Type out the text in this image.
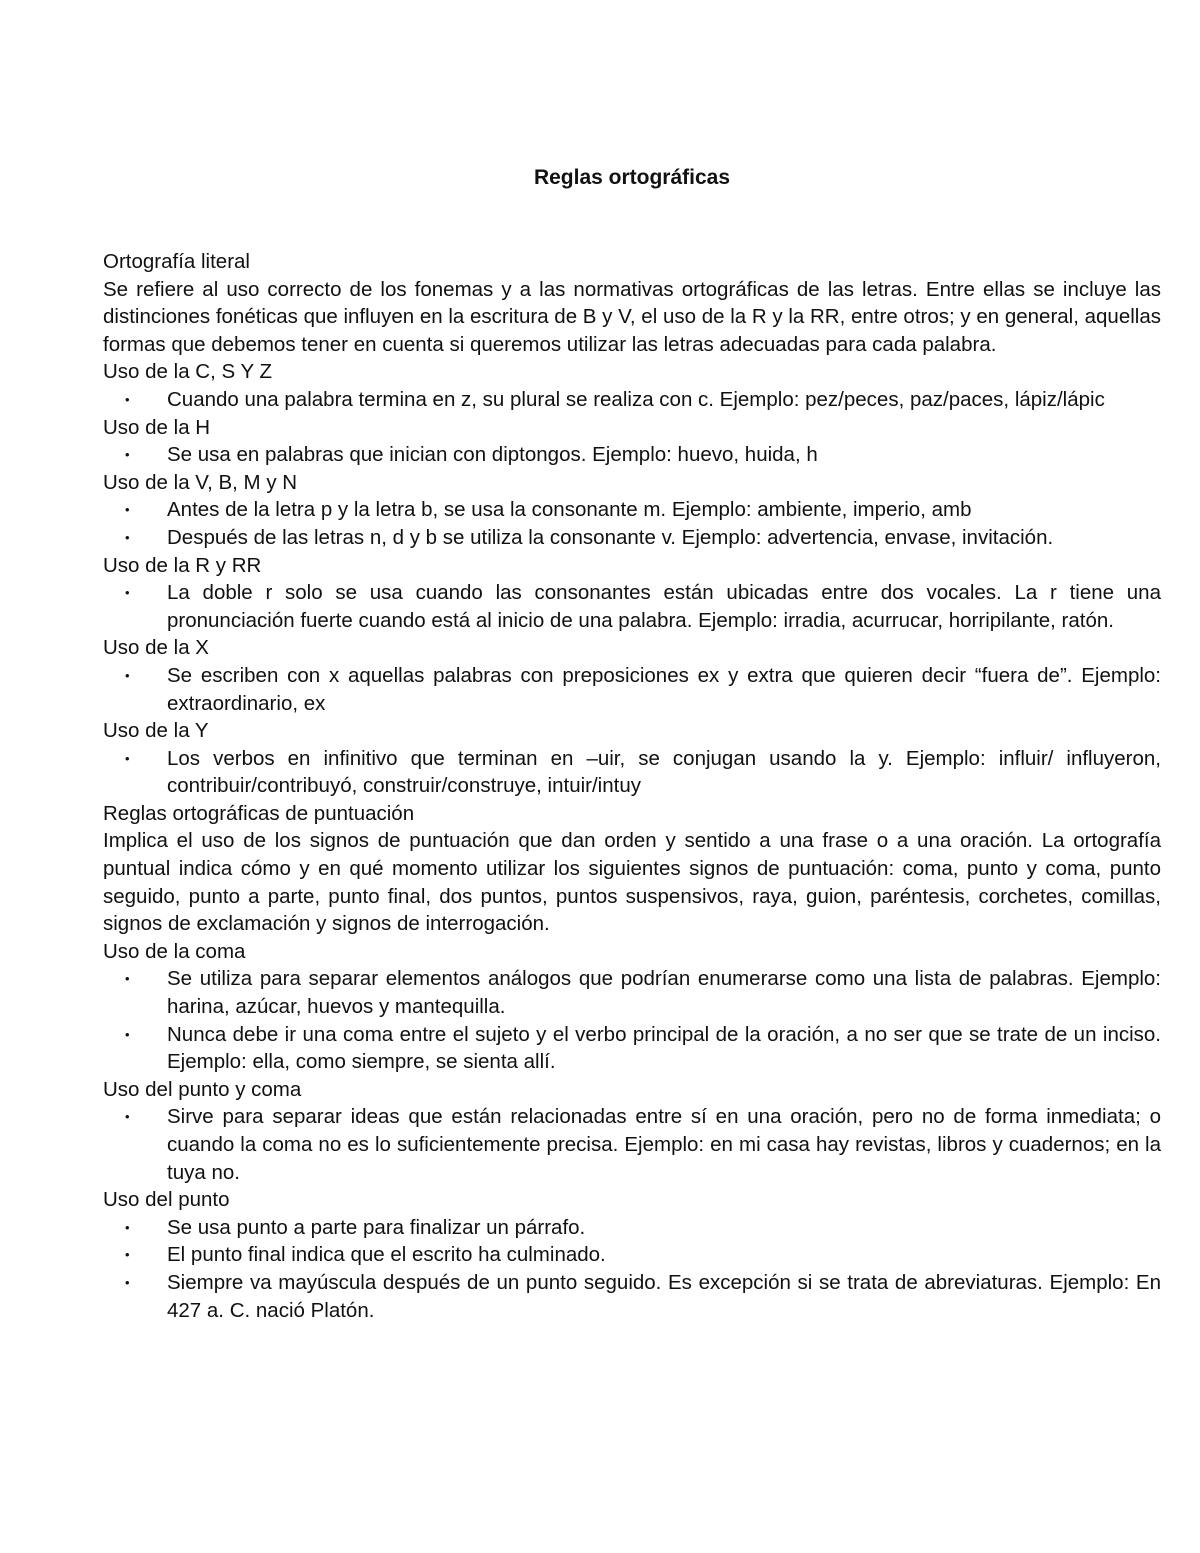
Reglas ortográficas

Ortografía literal

Se refiere al uso correcto de los fonemas y a las normativas ortográficas de las letras. Entre ellas se incluye las distinciones fonéticas que influyen en la escritura de B y V, el uso de la R y la RR, entre otros; y en general, aquellas formas que debemos tener en cuenta si queremos utilizar las letras adecuadas para cada palabra.

Uso de la C, S Y Z

• Cuando una palabra termina en z, su plural se realiza con c. Ejemplo: pez/peces, paz/paces, lápiz/lápic

Uso de la H

• Se usa en palabras que inician con diptongos. Ejemplo: huevo, huida, h

Uso de la V, B, M y N

• Antes de la letra p y la letra b, se usa la consonante m. Ejemplo: ambiente, imperio, amb
• Después de las letras n, d y b se utiliza la consonante v. Ejemplo: advertencia, envase, invitación.

Uso de la R y RR

• La doble r solo se usa cuando las consonantes están ubicadas entre dos vocales. La r tiene una pronunciación fuerte cuando está al inicio de una palabra. Ejemplo: irradia, acurrucar, horripilante, ratón.

Uso de la X

• Se escriben con x aquellas palabras con preposiciones ex y extra que quieren decir “fuera de”. Ejemplo: extraordinario, ex

Uso de la Y

• Los verbos en infinitivo que terminan en –uir, se conjugan usando la y. Ejemplo: influir/ influyeron, contribuir/contribuyó, construir/construye, intuir/intuy

Reglas ortográficas de puntuación

Implica el uso de los signos de puntuación que dan orden y sentido a una frase o a una oración. La ortografía puntual indica cómo y en qué momento utilizar los siguientes signos de puntuación: coma, punto y coma, punto seguido, punto a parte, punto final, dos puntos, puntos suspensivos, raya, guion, paréntesis, corchetes, comillas, signos de exclamación y signos de interrogación.

Uso de la coma

• Se utiliza para separar elementos análogos que podrían enumerarse como una lista de palabras. Ejemplo: harina, azúcar, huevos y mantequilla.
• Nunca debe ir una coma entre el sujeto y el verbo principal de la oración, a no ser que se trate de un inciso. Ejemplo: ella, como siempre, se sienta allí.

Uso del punto y coma

• Sirve para separar ideas que están relacionadas entre sí en una oración, pero no de forma inmediata; o cuando la coma no es lo suficientemente precisa. Ejemplo: en mi casa hay revistas, libros y cuadernos; en la tuya no.

Uso del punto

• Se usa punto a parte para finalizar un párrafo.
• El punto final indica que el escrito ha culminado.
• Siempre va mayúscula después de un punto seguido. Es excepción si se trata de abreviaturas. Ejemplo: En 427 a. C. nació Platón.
